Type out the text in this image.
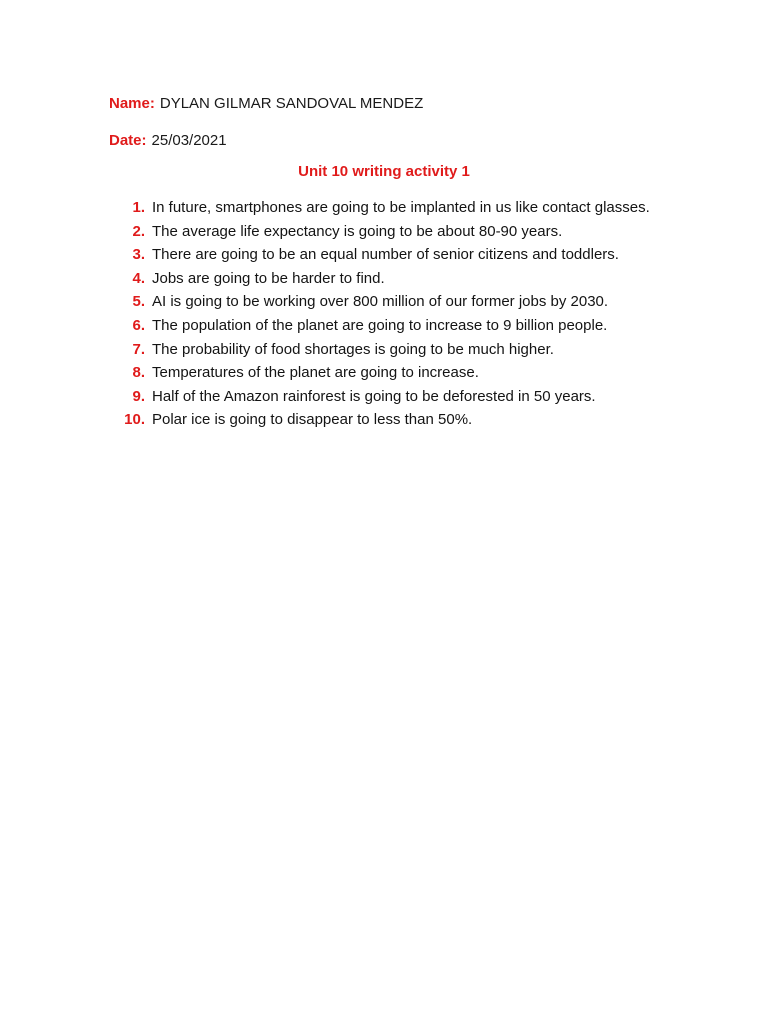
Name: DYLAN GILMAR SANDOVAL MENDEZ
Date: 25/03/2021
Unit 10 writing activity 1
1. In future, smartphones are going to be implanted in us like contact glasses.
2. The average life expectancy is going to be about 80-90 years.
3. There are going to be an equal number of senior citizens and toddlers.
4. Jobs are going to be harder to find.
5. AI is going to be working over 800 million of our former jobs by 2030.
6. The population of the planet are going to increase to 9 billion people.
7. The probability of food shortages is going to be much higher.
8. Temperatures of the planet are going to increase.
9. Half of the Amazon rainforest is going to be deforested in 50 years.
10. Polar ice is going to disappear to less than 50%.
